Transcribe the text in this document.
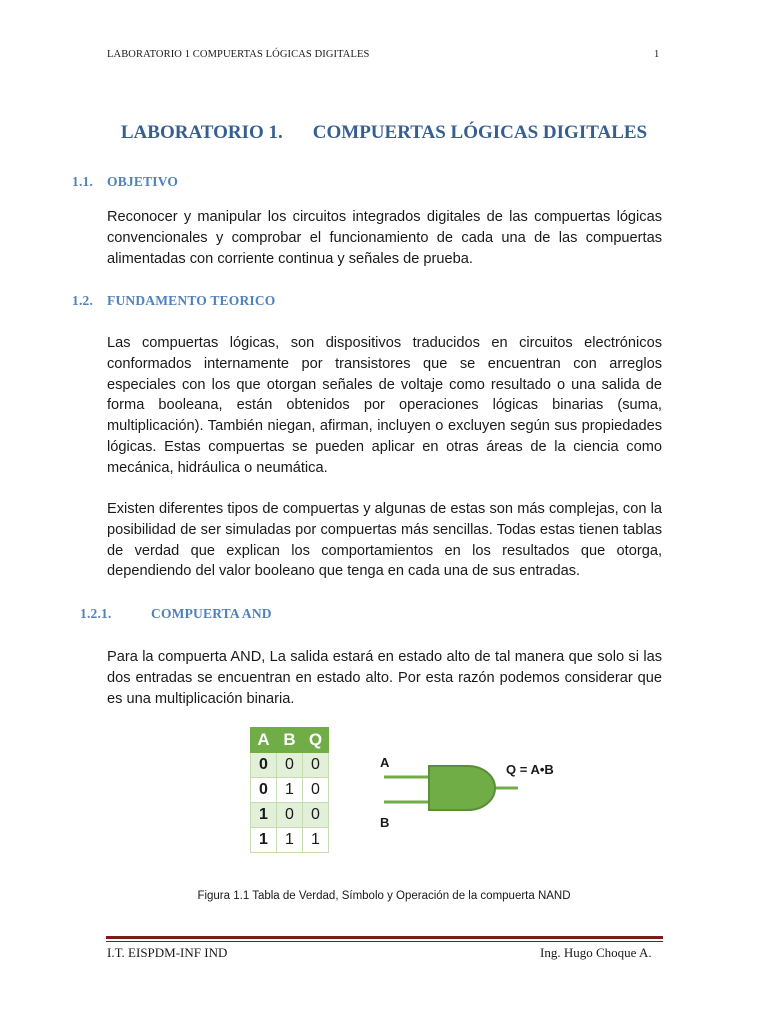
LABORATORIO 1 COMPUERTAS LÓGICAS DIGITALES	1
LABORATORIO 1. COMPUERTAS LÓGICAS DIGITALES
1.1. OBJETIVO
Reconocer y manipular los circuitos integrados digitales de las compuertas lógicas convencionales y comprobar el funcionamiento de cada una de las compuertas alimentadas con corriente continua y señales de prueba.
1.2. FUNDAMENTO TEORICO
Las compuertas lógicas, son dispositivos traducidos en circuitos electrónicos conformados internamente por transistores que se encuentran con arreglos especiales con los que otorgan señales de voltaje como resultado o una salida de forma booleana, están obtenidos por operaciones lógicas binarias (suma, multiplicación). También niegan, afirman, incluyen o excluyen según sus propiedades lógicas. Estas compuertas se pueden aplicar en otras áreas de la ciencia como mecánica, hidráulica o neumática.
Existen diferentes tipos de compuertas y algunas de estas son más complejas, con la posibilidad de ser simuladas por compuertas más sencillas. Todas estas tienen tablas de verdad que explican los comportamientos en los resultados que otorga, dependiendo del valor booleano que tenga en cada una de sus entradas.
1.2.1.	COMPUERTA AND
Para la compuerta AND, La salida estará en estado alto de tal manera que solo si las dos entradas se encuentran en estado alto. Por esta razón podemos considerar que es una multiplicación binaria.
A	B	Q
0	0	0
0	1	0
1	0	0
1	1	1
A
B
Q = A•B
Figura 1.1 Tabla de Verdad, Símbolo y Operación de la compuerta NAND
I.T. EISPDM-INF IND	Ing. Hugo Choque A.
